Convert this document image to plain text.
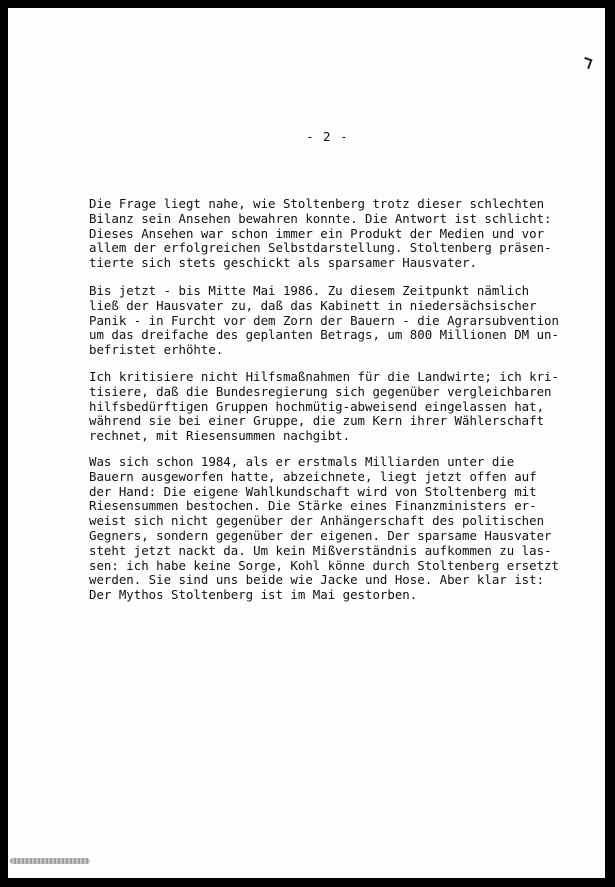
- 2 -

Die Frage liegt nahe, wie Stoltenberg trotz dieser schlechten
Bilanz sein Ansehen bewahren konnte. Die Antwort ist schlicht:
Dieses Ansehen war schon immer ein Produkt der Medien und vor
allem der erfolgreichen Selbstdarstellung. Stoltenberg präsen-
tierte sich stets geschickt als sparsamer Hausvater.

Bis jetzt - bis Mitte Mai 1986. Zu diesem Zeitpunkt nämlich
ließ der Hausvater zu, daß das Kabinett in niedersächsischer
Panik - in Furcht vor dem Zorn der Bauern - die Agrarsubvention
um das dreifache des geplanten Betrags, um 800 Millionen DM un-
befristet erhöhte.

Ich kritisiere nicht Hilfsmaßnahmen für die Landwirte; ich kri-
tisiere, daß die Bundesregierung sich gegenüber vergleichbaren
hilfsbedürftigen Gruppen hochmütig-abweisend eingelassen hat,
während sie bei einer Gruppe, die zum Kern ihrer Wählerschaft
rechnet, mit Riesensummen nachgibt.

Was sich schon 1984, als er erstmals Milliarden unter die
Bauern ausgeworfen hatte, abzeichnete, liegt jetzt offen auf
der Hand: Die eigene Wahlkundschaft wird von Stoltenberg mit
Riesensummen bestochen. Die Stärke eines Finanzministers er-
weist sich nicht gegenüber der Anhängerschaft des politischen
Gegners, sondern gegenüber der eigenen. Der sparsame Hausvater
steht jetzt nackt da. Um kein Mißverständnis aufkommen zu las-
sen: ich habe keine Sorge, Kohl könne durch Stoltenberg ersetzt
werden. Sie sind uns beide wie Jacke und Hose. Aber klar ist:
Der Mythos Stoltenberg ist im Mai gestorben.
